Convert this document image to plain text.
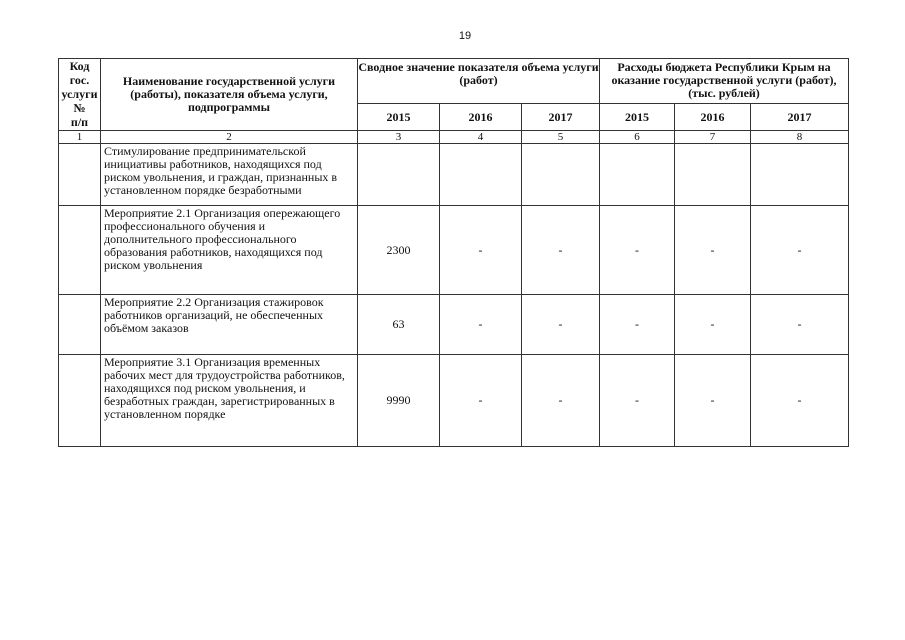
19
Код
гос.
услуги
№
п/п	Наименование государственной услуги (работы), показателя объема услуги, подпрограммы	Сводное значение показателя объема услуги (работ)			Расходы бюджета Республики Крым на оказание государственной услуги (работ), (тыс. рублей)		
		2015	2016	2017	2015	2016	2017
1	2	3	4	5	6	7	8
	Стимулирование предпринимательской инициативы работников, находящихся под риском увольнения, и граждан, признанных в установленном порядке безработными						
	Мероприятие 2.1 Организация опережающего профессионального обучения и дополнительного профессионального образования работников, находящихся под риском увольнения	2300	-	-	-	-	-
	Мероприятие 2.2 Организация стажировок работников организаций, не обеспеченных объёмом заказов	63	-	-	-	-	-
	Мероприятие 3.1 Организация временных рабочих мест для трудоустройства работников, находящихся под риском увольнения, и безработных граждан, зарегистрированных в установленном порядке	9990	-	-	-	-	-
